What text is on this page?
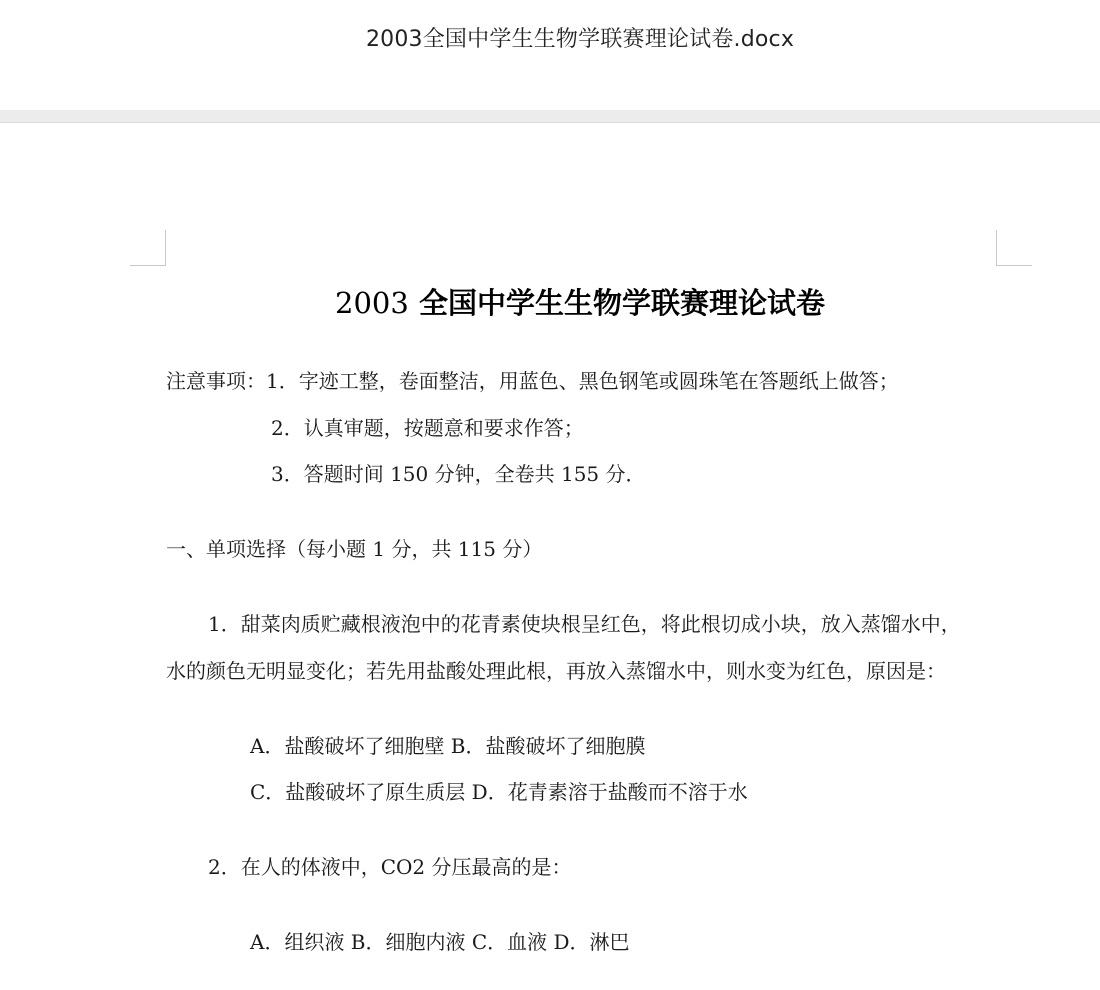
2003全国中学生生物学联赛理论试卷.docx
2003 全国中学生生物学联赛理论试卷
注意事项：1．字迹工整，卷面整洁，用蓝色、黑色钢笔或圆珠笔在答题纸上做答；
2．认真审题，按题意和要求作答；
3．答题时间 150 分钟，全卷共 155 分．
一、单项选择（每小题 1 分，共 115 分）
1．甜菜肉质贮藏根液泡中的花青素使块根呈红色，将此根切成小块，放入蒸馏水中，
水的颜色无明显变化；若先用盐酸处理此根，再放入蒸馏水中，则水变为红色，原因是：
A．盐酸破坏了细胞壁 B．盐酸破坏了细胞膜
C．盐酸破坏了原生质层 D．花青素溶于盐酸而不溶于水
2．在人的体液中，CO2 分压最高的是：
A．组织液 B．细胞内液 C．血液 D．淋巴
